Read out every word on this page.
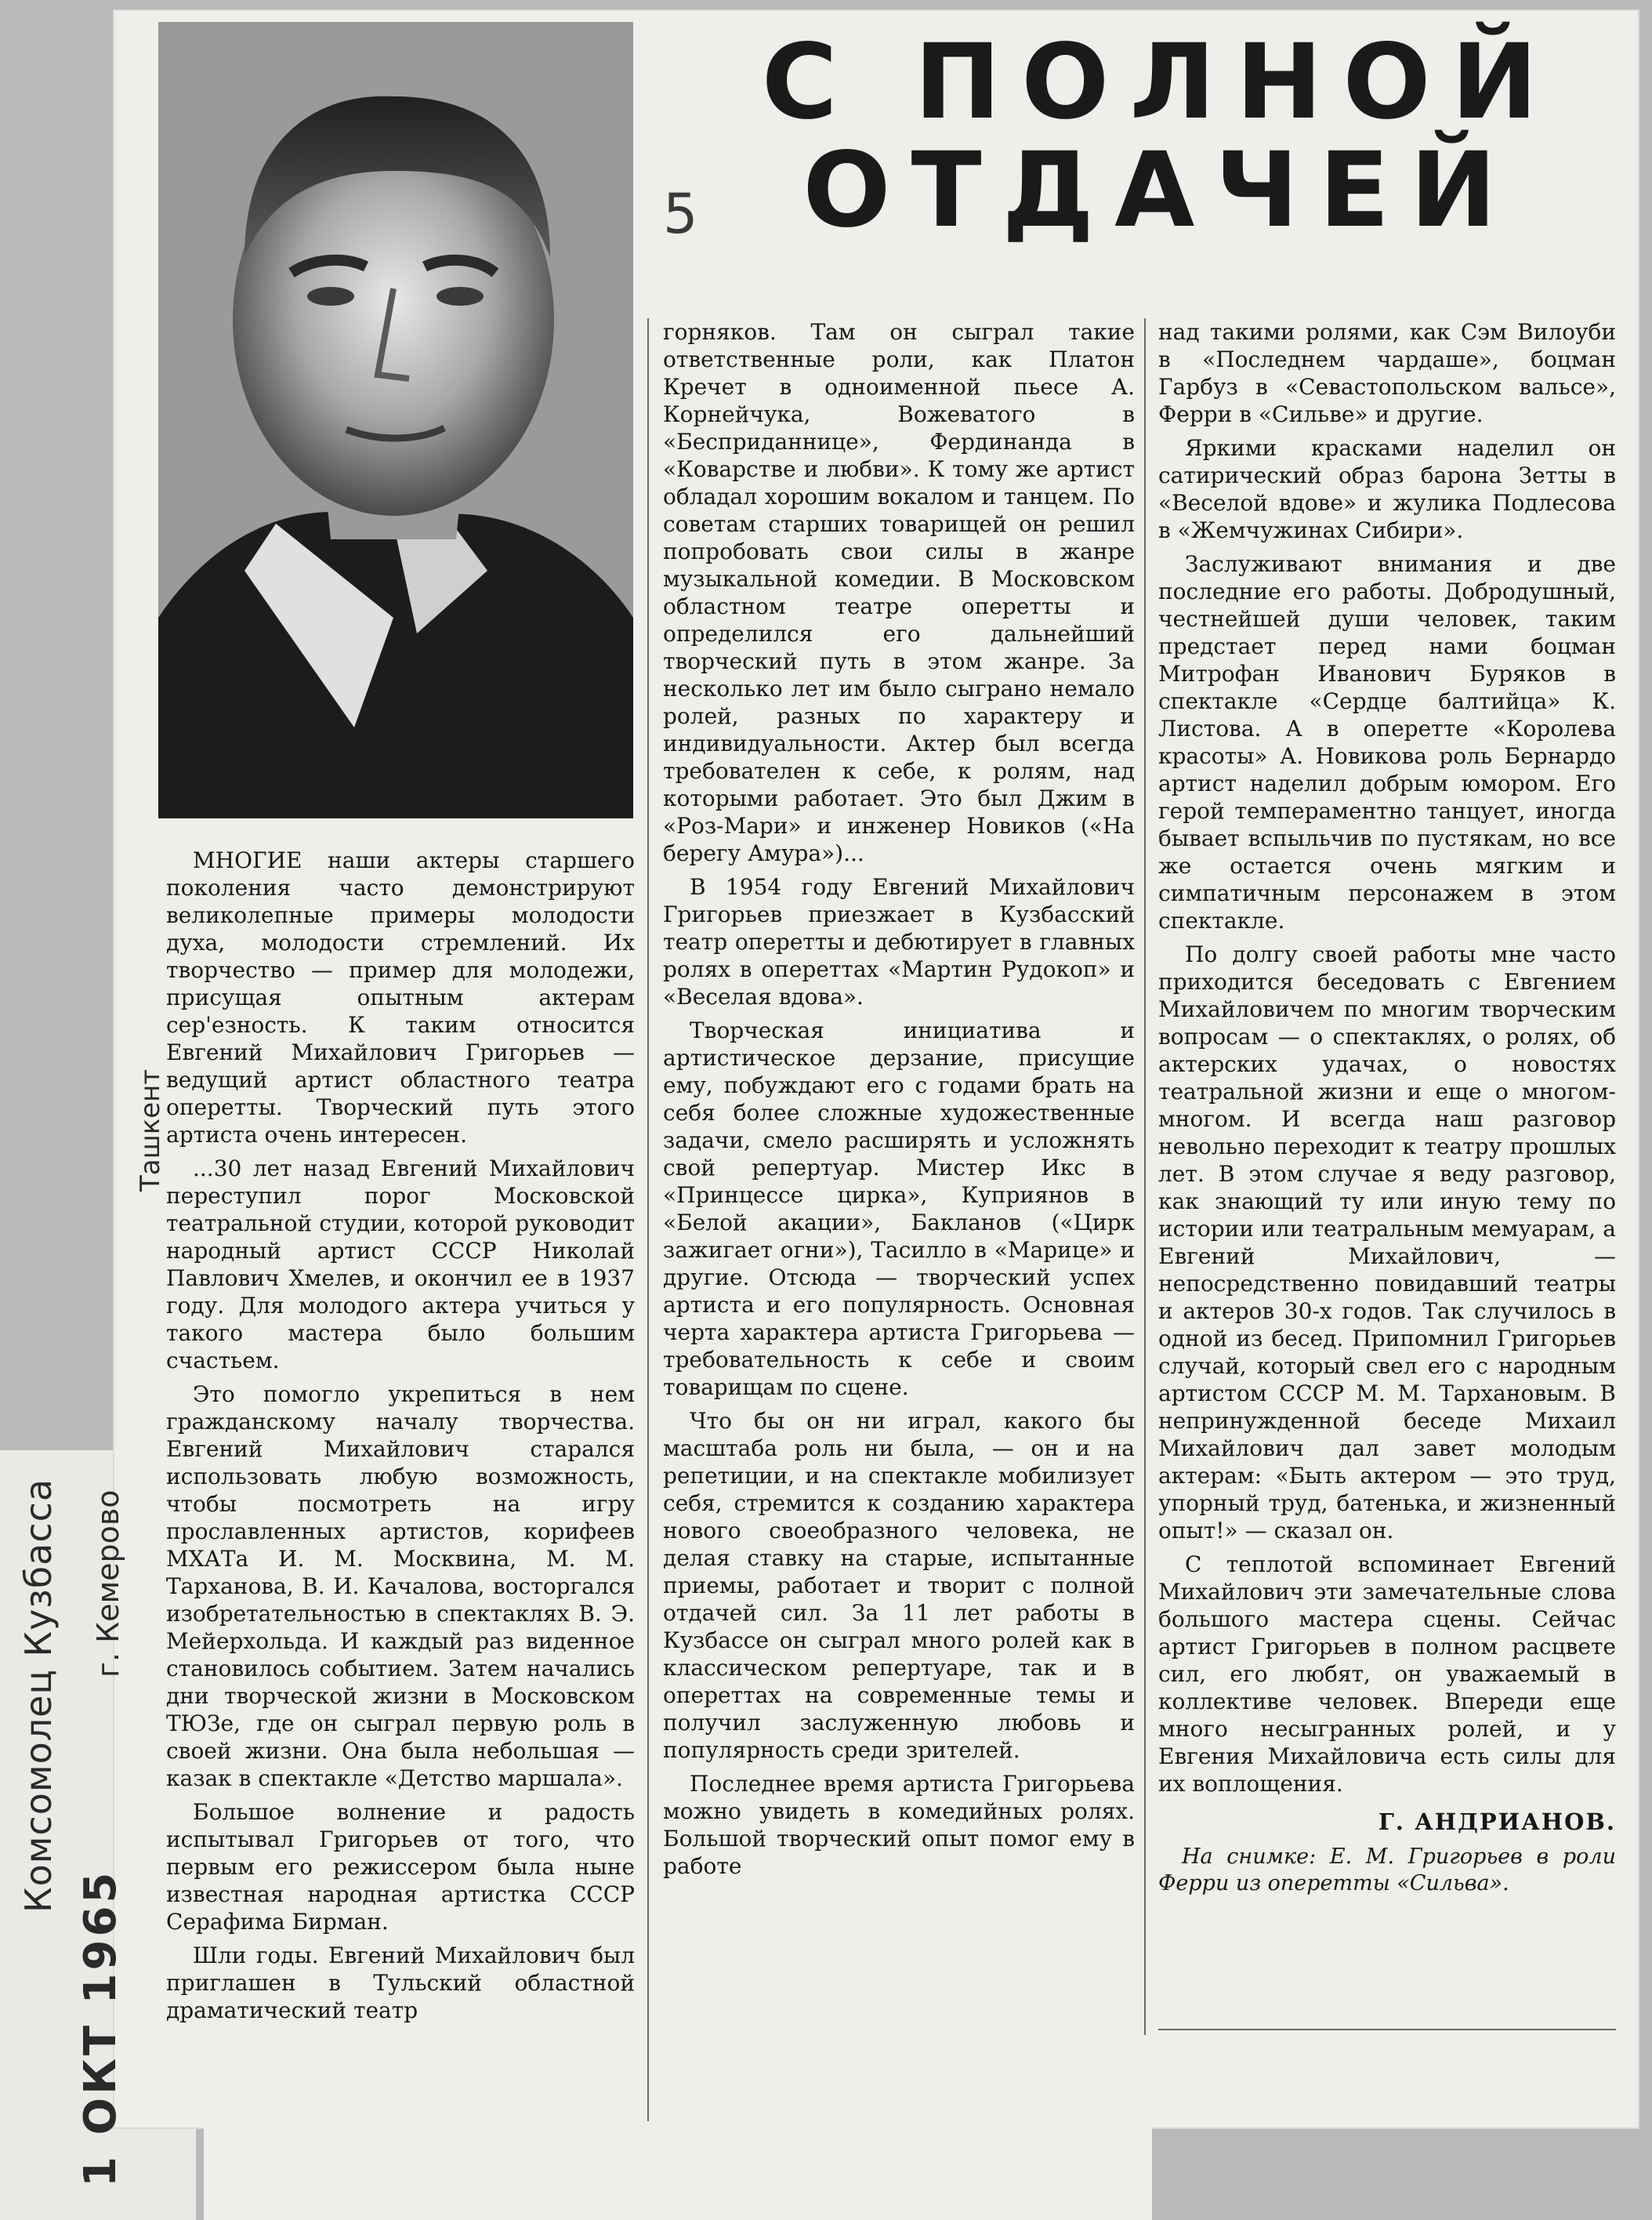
5
С ПОЛНОЙ
ОТДАЧЕЙ

МНОГИЕ наши актеры старшего поколения часто демонстрируют великолепные примеры молодости духа, молодости стремлений. Их творчество — пример для молодежи, присущая опытным актерам сер'езность. К таким относится Евгений Михайлович Григорьев — ведущий артист областного театра оперетты. Творческий путь этого артиста очень интересен.

...30 лет назад Евгений Михайлович переступил порог Московской театральной студии, которой руководит народный артист СССР Николай Павлович Хмелев, и окончил ее в 1937 году. Для молодого актера учиться у такого мастера было большим счастьем.

Это помогло укрепиться в нем гражданскому началу творчества. Евгений Михайлович старался использовать любую возможность, чтобы посмотреть на игру прославленных артистов, корифеев МХАТа И. М. Москвина, М. М. Тарханова, В. И. Качалова, восторгался изобретательностью в спектаклях В. Э. Мейерхольда. И каждый раз виденное становилось событием. Затем начались дни творческой жизни в Московском ТЮЗе, где он сыграл первую роль в своей жизни. Она была небольшая — казак в спектакле «Детство маршала».

Большое волнение и радость испытывал Григорьев от того, что первым его режиссером была ныне известная народная артистка СССР Серафима Бирман.

Шли годы. Евгений Михайлович был приглашен в Тульский областной драматический театр

горняков. Там он сыграл такие ответственные роли, как Платон Кречет в одноименной пьесе А. Корнейчука, Вожеватого в «Бесприданнице», Фердинанда в «Коварстве и любви». К тому же артист обладал хорошим вокалом и танцем. По советам старших товарищей он решил попробовать свои силы в жанре музыкальной комедии. В Московском областном театре оперетты и определился его дальнейший творческий путь в этом жанре. За несколько лет им было сыграно немало ролей, разных по характеру и индивидуальности. Актер был всегда требователен к себе, к ролям, над которыми работает. Это был Джим в «Роз-Мари» и инженер Новиков («На берегу Амура»)...

В 1954 году Евгений Михайлович Григорьев приезжает в Кузбасский театр оперетты и дебютирует в главных ролях в опереттах «Мартин Рудокоп» и «Веселая вдова».

Творческая инициатива и артистическое дерзание, присущие ему, побуждают его с годами брать на себя более сложные художественные задачи, смело расширять и усложнять свой репертуар. Мистер Икс в «Принцессе цирка», Куприянов в «Белой акации», Бакланов («Цирк зажигает огни»), Тасилло в «Марице» и другие. Отсюда — творческий успех артиста и его популярность. Основная черта характера артиста Григорьева — требовательность к себе и своим товарищам по сцене.

Что бы он ни играл, какого бы масштаба роль ни была, — он и на репетиции, и на спектакле мобилизует себя, стремится к созданию характера нового своеобразного человека, не делая ставку на старые, испытанные приемы, работает и творит с полной отдачей сил. За 11 лет работы в Кузбассе он сыграл много ролей как в классическом репертуаре, так и в опереттах на современные темы и получил заслуженную любовь и популярность среди зрителей.

Последнее время артиста Григорьева можно увидеть в комедийных ролях. Большой творческий опыт помог ему в работе

над такими ролями, как Сэм Вилоуби в «Последнем чардаше», боцман Гарбуз в «Севастопольском вальсе», Ферри в «Сильве» и другие.

Яркими красками наделил он сатирический образ барона Зетты в «Веселой вдове» и жулика Подлесова в «Жемчужинах Сибири».

Заслуживают внимания и две последние его работы. Добродушный, честнейшей души человек, таким предстает перед нами боцман Митрофан Иванович Буряков в спектакле «Сердце балтийца» К. Листова. А в оперетте «Королева красоты» А. Новикова роль Бернардо артист наделил добрым юмором. Его герой темпераментно танцует, иногда бывает вспыльчив по пустякам, но все же остается очень мягким и симпатичным персонажем в этом спектакле.

По долгу своей работы мне часто приходится беседовать с Евгением Михайловичем по многим творческим вопросам — о спектаклях, о ролях, об актерских удачах, о новостях театральной жизни и еще о многом-многом. И всегда наш разговор невольно переходит к театру прошлых лет. В этом случае я веду разговор, как знающий ту или иную тему по истории или театральным мемуарам, а Евгений Михайлович, — непосредственно повидавший театры и актеров 30-х годов. Так случилось в одной из бесед. Припомнил Григорьев случай, который свел его с народным артистом СССР М. М. Тархановым. В непринужденной беседе Михаил Михайлович дал завет молодым актерам: «Быть актером — это труд, упорный труд, батенька, и жизненный опыт!» — сказал он.

С теплотой вспоминает Евгений Михайлович эти замечательные слова большого мастера сцены. Сейчас артист Григорьев в полном расцвете сил, его любят, он уважаемый в коллективе человек. Впереди еще много несыгранных ролей, и у Евгения Михайловича есть силы для их воплощения.

Г. АНДРИАНОВ.
На снимке: Е. М. Григорьев в роли Ферри из оперетты «Сильва».
Комсомолец Кузбасса г. Кемерово
Ташкент
1 ОКТ 1965
